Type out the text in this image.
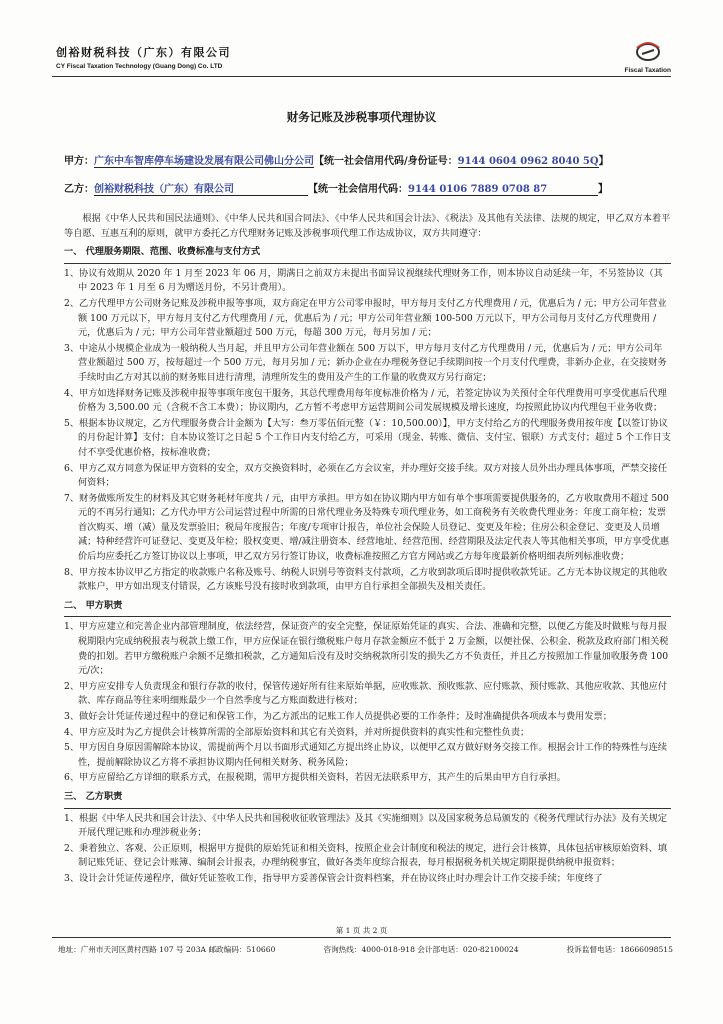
创裕财税科技（广东）有限公司
CY Fiscal Taxation Technology (Guang Dong) Co. LTD
Fiscal Taxation
财务记账及涉税事项代理协议
甲方：广东中车智库停车场建设发展有限公司佛山分公司【统一社会信用代码/身份证号：9144 0604 0962 8040 5Q】
乙方：创裕财税科技（广东）有限公司	【统一社会信用代码：9144 0106 7889 0708 87	】

根据《中华人民共和国民法通则》、《中华人民共和国合同法》、《中华人民共和国会计法》、《税法》及其他有关法律、法规的规定，甲乙双方本着平等自愿、互惠互利的原则，就甲方委托乙方代理财务记账及涉税事项代理工作达成协议，双方共同遵守：

一、 代理服务期限、范围、收费标准与支付方式

1、协议有效期从 2020 年 1 月至 2023 年 06 月，期满日之前双方未提出书面异议视继续代理财务工作，则本协议自动延续一年，不另签协议（其中 2023 年 1 月至 6 月为赠送月份，不另计费用）。

2、乙方代理甲方公司财务记账及涉税申报等事项，双方商定在甲方公司零申报时，甲方每月支付乙方代理费用 / 元，优惠后为 / 元；甲方公司年营业额 100 万元以下，甲方每月支付乙方代理费用 / 元，优惠后为 / 元；甲方公司年营业额 100-500 万元以下，甲方公司每月支付乙方代理费用 / 元，优惠后为 / 元；甲方公司年营业额超过 500 万元，每超 300 万元，每月另加 / 元；

3、中途从小规模企业成为一般纳税人当月起，并且甲方公司年营业额在 500 万以下，甲方每月支付乙方代理费用 / 元，优惠后为 / 元；甲方公司年营业额超过 500 万，按每超过一个 500 万元，每月另加 / 元；新办企业在办理税务登记手续期间按一个月支付代理费，非新办企业，在交接财务手续时由乙方对其以前的财务账目进行清理，清理所发生的费用及产生的工作量的收费双方另行商定；

4、甲方如选择财务记账及涉税申报等事项年度包干服务，其总代理费用每年度标准价格为 / 元，若签定协议为关预付全年代理费用可享受优惠后代理价格为 3,500.00 元（含税不含工本费）；协议期内，乙方暂不考虑甲方运营期间公司发展规模及增长速度，均按照此协议内代理包干业务收费；

5、根据本协议规定，乙方代理服务费合计金额为【大写：叁万零伍佰元整（￥：10,500.00）】，甲方支付给乙方的代理服务费用按年度【以签订协议的月份起计算】支付；自本协议签订之日起 5 个工作日内支付给乙方，可采用（现金、转账、微信、支付宝、银联）方式支付；超过 5 个工作日支付不享受优惠价格，按标准收费；

6、甲方乙双方同意为保证甲方资料的安全，双方交换资料时，必须在乙方会议室，并办理好交接手续。双方对接人员外出办理具体事项，严禁交接任何资料；

7、财务做账所发生的材料及其它财务耗材年度共 / 元，由甲方承担。甲方如在协议期内甲方如有单个事项需要提供服务的，乙方收取费用不超过 500 元的不再另行通知；乙方代办甲方公司运营过程中所需的日常代理业务及特殊专项代理业务，如工商税务有关收费代理业务：年度工商年检；发票首次购买、增（减）量及发票验旧；税局年度报告；年度/专项审计报告，单位社会保险人员登记、变更及年检；住房公积金登记、变更及人员增减；特种经营许可证登记、变更及年检；股权变更、增/减注册资本、经营地址、经营范围、经营期限及法定代表人等其他相关事项，甲方享受优惠价后均应委托乙方签订协议以上事项，甲乙双方另行签订协议，收费标准按照乙方官方网站或乙方每年度最新价格明细表所列标准收费；

8、甲方按本协议甲乙方指定的收款账户名称及账号、纳税人识别号等资料支付款项，乙方收到款项后即时提供收款凭证。乙方无本协议规定的其他收款账户，甲方如出现支付错误，乙方该账号没有接时收到款项，由甲方自行承担全部损失及相关责任。

二、 甲方职责

1、甲方应建立和完善企业内部管理制度，依法经营，保证资产的安全完整，保证原始凭证的真实、合法、准确和完整，以便乙方能及时做账与每月报税期限内完成纳税报表与税款上缴工作，甲方应保证在银行缴税账户每月存款金额应不低于 2 万金额，以便社保、公积金、税款及政府部门相关税费的扣划。若甲方缴税账户余额不足缴扣税款，乙方通知后没有及时交纳税款所引发的损失乙方不负责任，并且乙方按照加工作量加收服务费 100 元/次；

2、甲方应安排专人负责现金和银行存款的收付，保管传递好所有往来原始单据，应收账款、预收账款、应付账款、预付账款、其他应收款、其他应付款、库存商品等往来明细账最少一个自然季度与乙方账面数进行核对；

3、做好会计凭证传递过程中的登记和保管工作，为乙方派出的记账工作人员提供必要的工作条件；及时准确提供各项成本与费用发票；

4、甲方应及时为乙方提供会计核算所需的全部原始资料和其它有关资料，并对所提供资料的真实性和完整性负责；

5、甲方因自身原因需解除本协议，需提前两个月以书面形式通知乙方提出终止协议，以便甲乙双方做好财务交接工作。根据会计工作的特殊性与连续性，提前解除协议乙方将不承担协议期内任何相关财务、税务风险；

6、甲方应留给乙方详细的联系方式，在报税期，需甲方提供相关资料，若因无法联系甲方，其产生的后果由甲方自行承担。

三、 乙方职责

1、根据《中华人民共和国会计法》、《中华人民共和国税收征收管理法》及其《实施细则》以及国家税务总局颁发的《税务代理试行办法》及有关规定开展代理记账和办理涉税业务；

2、秉着独立、客观、公正原则，根据甲方提供的原始凭证和相关资料，按照企业会计制度和税法的规定，进行会计核算，具体包括审核原始资料、填制记账凭证、登记会计账簿、编制会计报表，办理纳税事宜，做好各类年度综合报表，每月根据税务机关规定期限提供纳税申报资料；

3、设计会计凭证传递程序，做好凭证签收工作，指导甲方妥善保管会计资料档案，并在协议终止时办理会计工作交接手续；年度终了

第 1 页 共 2 页
地址：广州市天河区黄村西路 107 号 203A 邮政编码：510660	咨询热线：4000-018-918 会计部电话：020-82100024	投诉监督电话：18666098515
